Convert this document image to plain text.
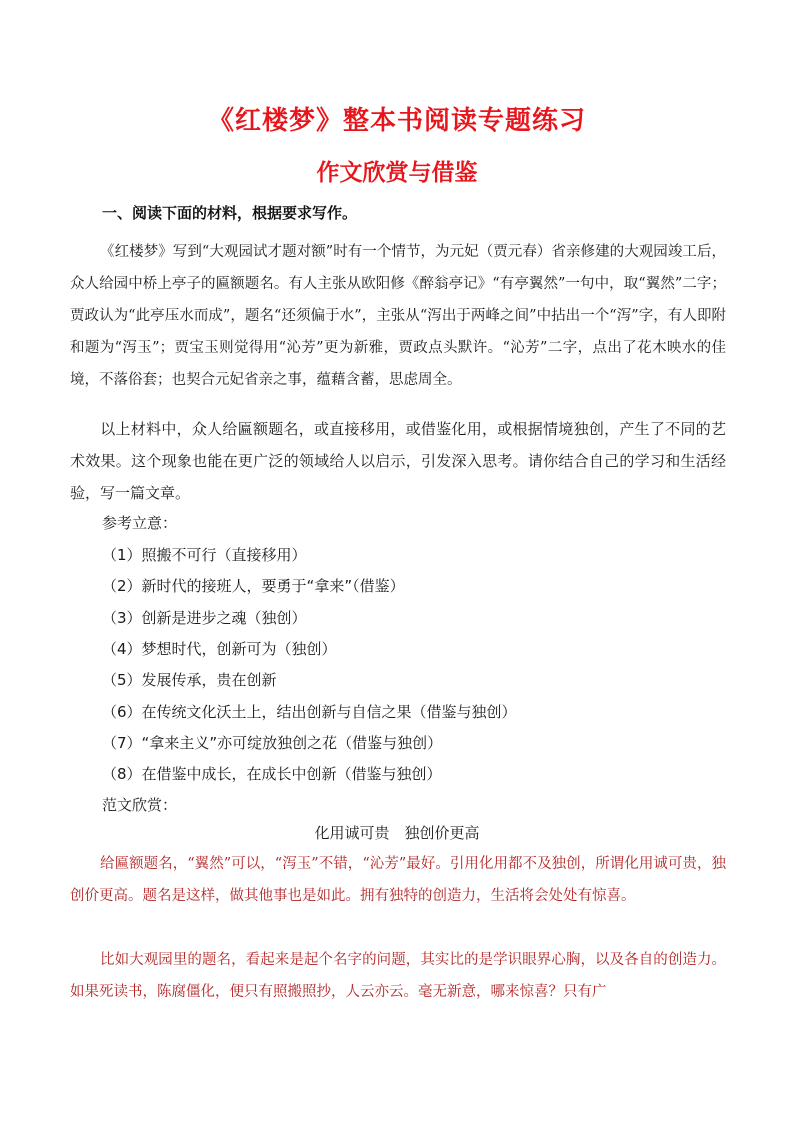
《红楼梦》整本书阅读专题练习
作文欣赏与借鉴
一、阅读下面的材料，根据要求写作。
《红楼梦》写到“大观园试才题对额”时有一个情节，为元妃（贾元春）省亲修建的大观园竣工后，众人给园中桥上亭子的匾额题名。有人主张从欧阳修《醉翁亭记》“有亭翼然”一句中，取“翼然”二字；贾政认为“此亭压水而成”，题名“还须偏于水”，主张从“泻出于两峰之间”中拈出一个“泻”字，有人即附和题为“泻玉”；贾宝玉则觉得用“沁芳”更为新雅，贾政点头默许。“沁芳”二字，点出了花木映水的佳境，不落俗套；也契合元妃省亲之事，蕴藉含蓄，思虑周全。
以上材料中，众人给匾额题名，或直接移用，或借鉴化用，或根据情境独创，产生了不同的艺术效果。这个现象也能在更广泛的领域给人以启示，引发深入思考。请你结合自己的学习和生活经验，写一篇文章。
参考立意：
（1）照搬不可行（直接移用）
（2）新时代的接班人，要勇于“拿来”（借鉴）
（3）创新是进步之魂（独创）
（4）梦想时代，创新可为（独创）
（5）发展传承，贵在创新
（6）在传统文化沃土上，结出创新与自信之果（借鉴与独创）
（7）“拿来主义”亦可绽放独创之花（借鉴与独创）
（8）在借鉴中成长，在成长中创新（借鉴与独创）
范文欣赏：
化用诚可贵　独创价更高
给匾额题名，“翼然”可以，“泻玉”不错，“沁芳”最好。引用化用都不及独创，所谓化用诚可贵，独创价更高。题名是这样，做其他事也是如此。拥有独特的创造力，生活将会处处有惊喜。
比如大观园里的题名，看起来是起个名字的问题，其实比的是学识眼界心胸，以及各自的创造力。如果死读书，陈腐僵化，便只有照搬照抄，人云亦云。毫无新意，哪来惊喜？只有广
